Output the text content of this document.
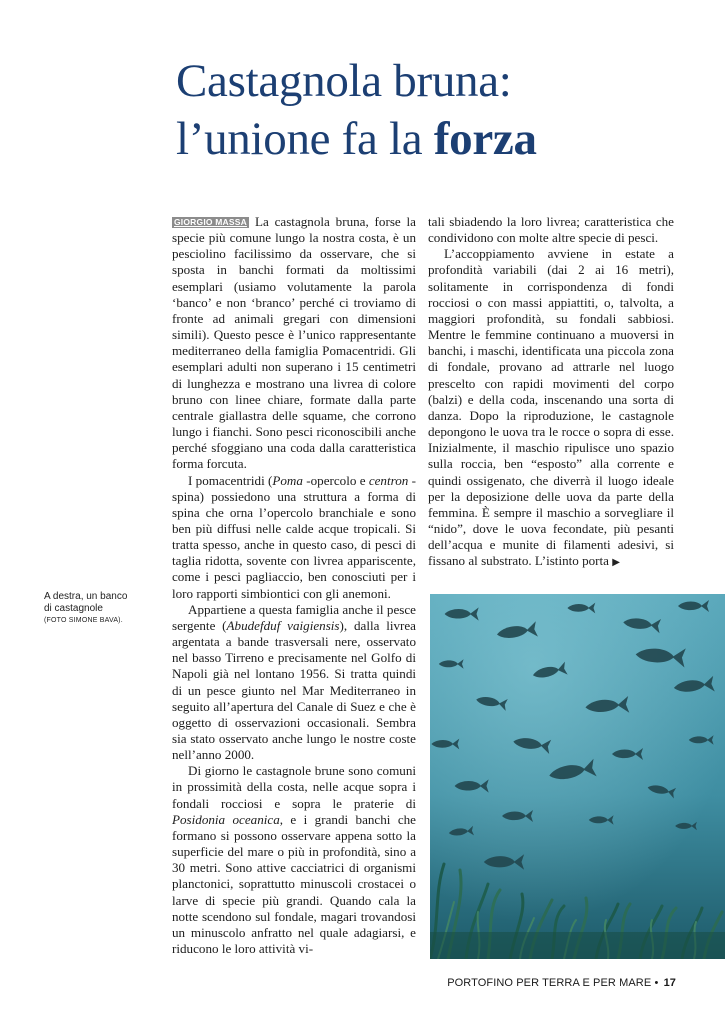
Castagnola bruna:
l’unione fa la forza

GIORGIO MASSA La castagnola bruna, forse la specie più comune lungo la nostra costa, è un pesciolino facilissimo da osservare, che si sposta in banchi formati da moltissimi esemplari (usiamo volutamente la parola ‘banco’ e non ‘branco’ perché ci troviamo di fronte ad animali gregari con dimensioni simili). Questo pesce è l’unico rappresentante mediterraneo della famiglia Pomacentridi. Gli esemplari adulti non superano i 15 centimetri di lunghezza e mostrano una livrea di colore bruno con linee chiare, formate dalla parte centrale giallastra delle squame, che corrono lungo i fianchi. Sono pesci riconoscibili anche perché sfoggiano una coda dalla caratteristica forma forcuta.

I pomacentridi (Poma -opercolo e centron -spina) possiedono una struttura a forma di spina che orna l’opercolo branchiale e sono ben più diffusi nelle calde acque tropicali. Si tratta spesso, anche in questo caso, di pesci di taglia ridotta, sovente con livrea appariscente, come i pesci pagliaccio, ben conosciuti per i loro rapporti simbiontici con gli anemoni.

Appartiene a questa famiglia anche il pesce sergente (Abudefduf vaigiensis), dalla livrea argentata a bande trasversali nere, osservato nel basso Tirreno e precisamente nel Golfo di Napoli già nel lontano 1956. Si tratta quindi di un pesce giunto nel Mar Mediterraneo in seguito all’apertura del Canale di Suez e che è oggetto di osservazioni occasionali. Sembra sia stato osservato anche lungo le nostre coste nell’anno 2000.

Di giorno le castagnole brune sono comuni in prossimità della costa, nelle acque sopra i fondali rocciosi e sopra le praterie di Posidonia oceanica, e i grandi banchi che formano si possono osservare appena sotto la superficie del mare o più in profondità, sino a 30 metri. Sono attive cacciatrici di organismi planctonici, soprattutto minuscoli crostacei o larve di specie più grandi. Quando cala la notte scendono sul fondale, magari trovandosi un minuscolo anfratto nel quale adagiarsi, e riducono le loro attività vi-

tali sbiadendo la loro livrea; caratteristica che condividono con molte altre specie di pesci.

L’accoppiamento avviene in estate a profondità variabili (dai 2 ai 16 metri), solitamente in corrispondenza di fondi rocciosi o con massi appiattiti, o, talvolta, a maggiori profondità, su fondali sabbiosi. Mentre le femmine continuano a muoversi in banchi, i maschi, identificata una piccola zona di fondale, provano ad attrarle nel luogo prescelto con rapidi movimenti del corpo (balzi) e della coda, inscenando una sorta di danza. Dopo la riproduzione, le castagnole depongono le uova tra le rocce o sopra di esse. Inizialmente, il maschio ripulisce uno spazio sulla roccia, ben “esposto” alla corrente e quindi ossigenato, che diverrà il luogo ideale per la deposizione delle uova da parte della femmina. È sempre il maschio a sorvegliare il “nido”, dove le uova fecondate, più pesanti dell’acqua e munite di filamenti adesivi, si fissano al substrato. L’istinto porta ▶

A destra, un banco
di castagnole
(FOTO SIMONE BAVA).
PORTOFINO PER TERRA E PER MARE • 17
